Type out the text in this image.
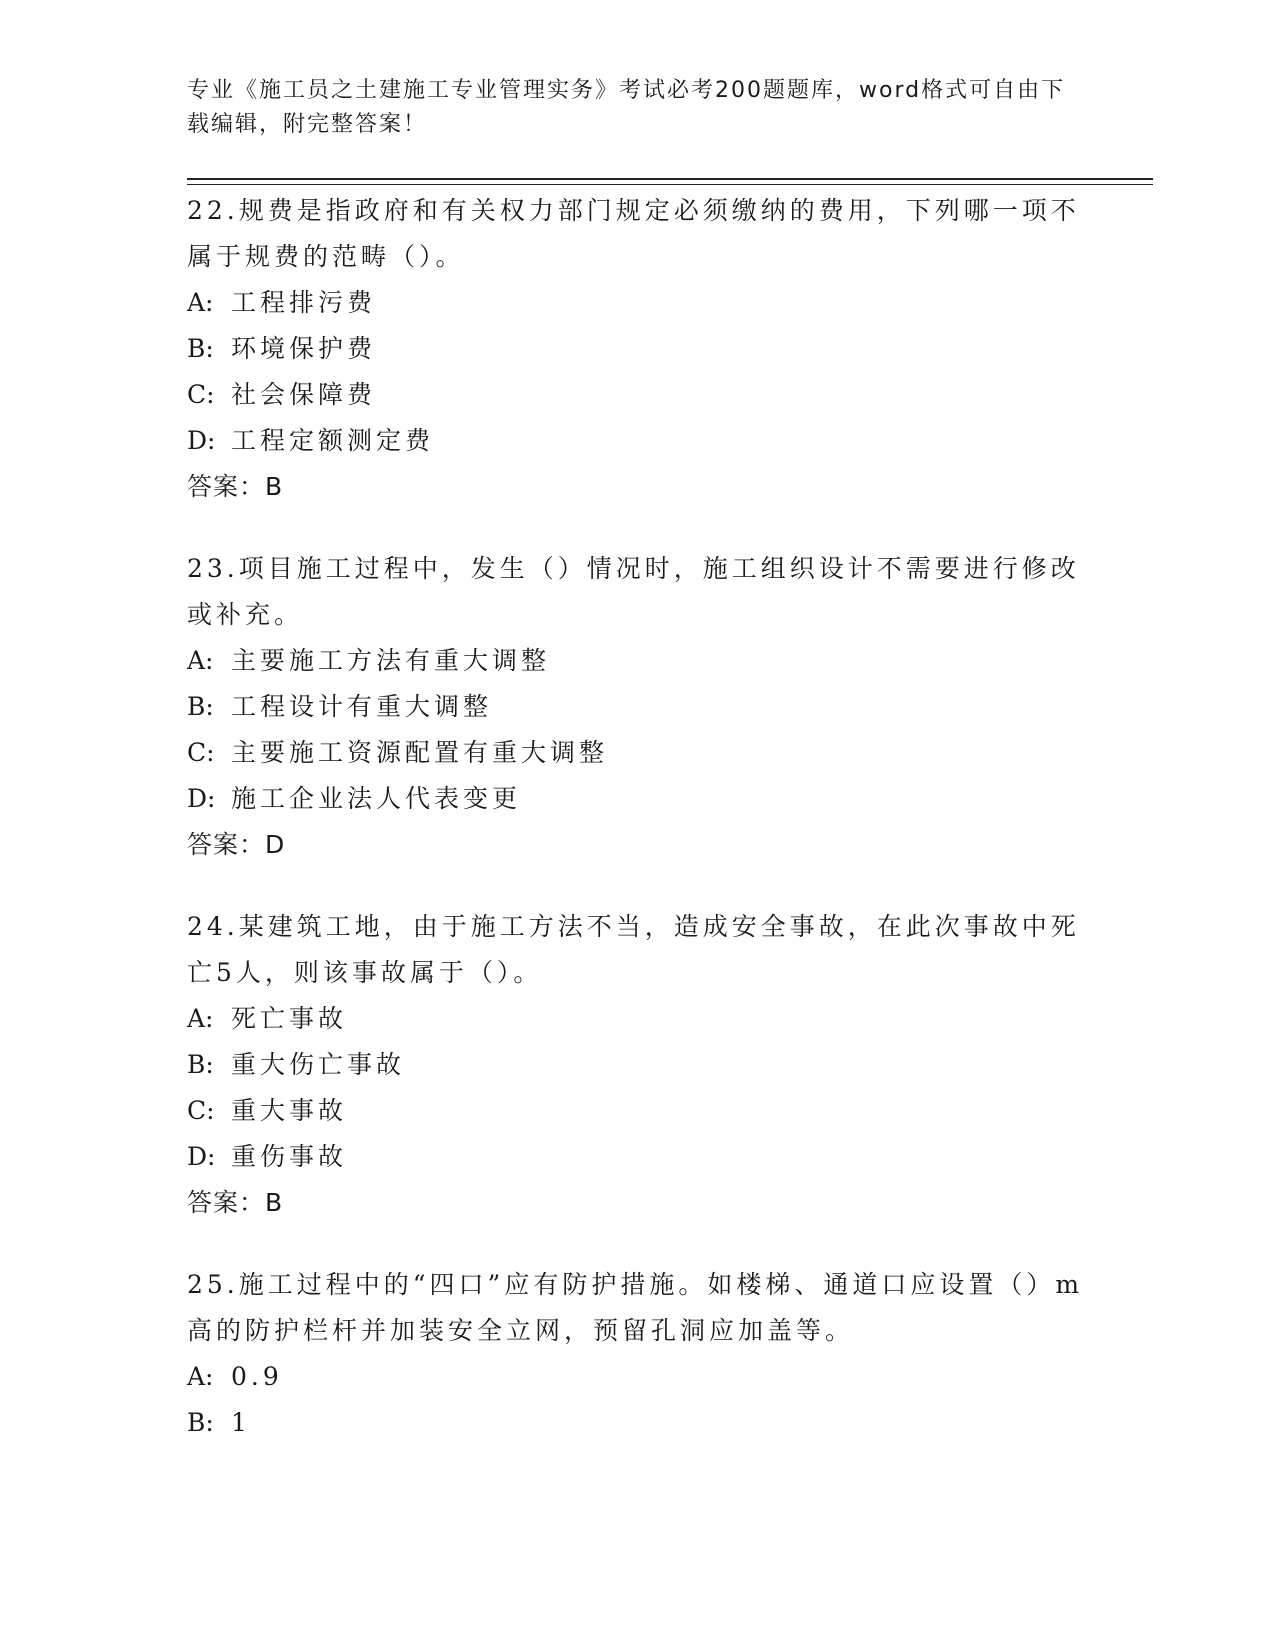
专业《施工员之土建施工专业管理实务》考试必考200题题库，word格式可自由下载编辑，附完整答案！

22.规费是指政府和有关权力部门规定必须缴纳的费用，下列哪一项不属于规费的范畴（）。

A: 工程排污费

B: 环境保护费

C: 社会保障费

D: 工程定额测定费

答案：B

23.项目施工过程中，发生（）情况时，施工组织设计不需要进行修改或补充。

A: 主要施工方法有重大调整

B: 工程设计有重大调整

C: 主要施工资源配置有重大调整

D: 施工企业法人代表变更

答案：D

24.某建筑工地，由于施工方法不当，造成安全事故，在此次事故中死亡5人，则该事故属于（）。

A: 死亡事故

B: 重大伤亡事故

C: 重大事故

D: 重伤事故

答案：B

25.施工过程中的“四口”应有防护措施。如楼梯、通道口应设置（）m高的防护栏杆并加装安全立网，预留孔洞应加盖等。

A: 0.9

B: 1
